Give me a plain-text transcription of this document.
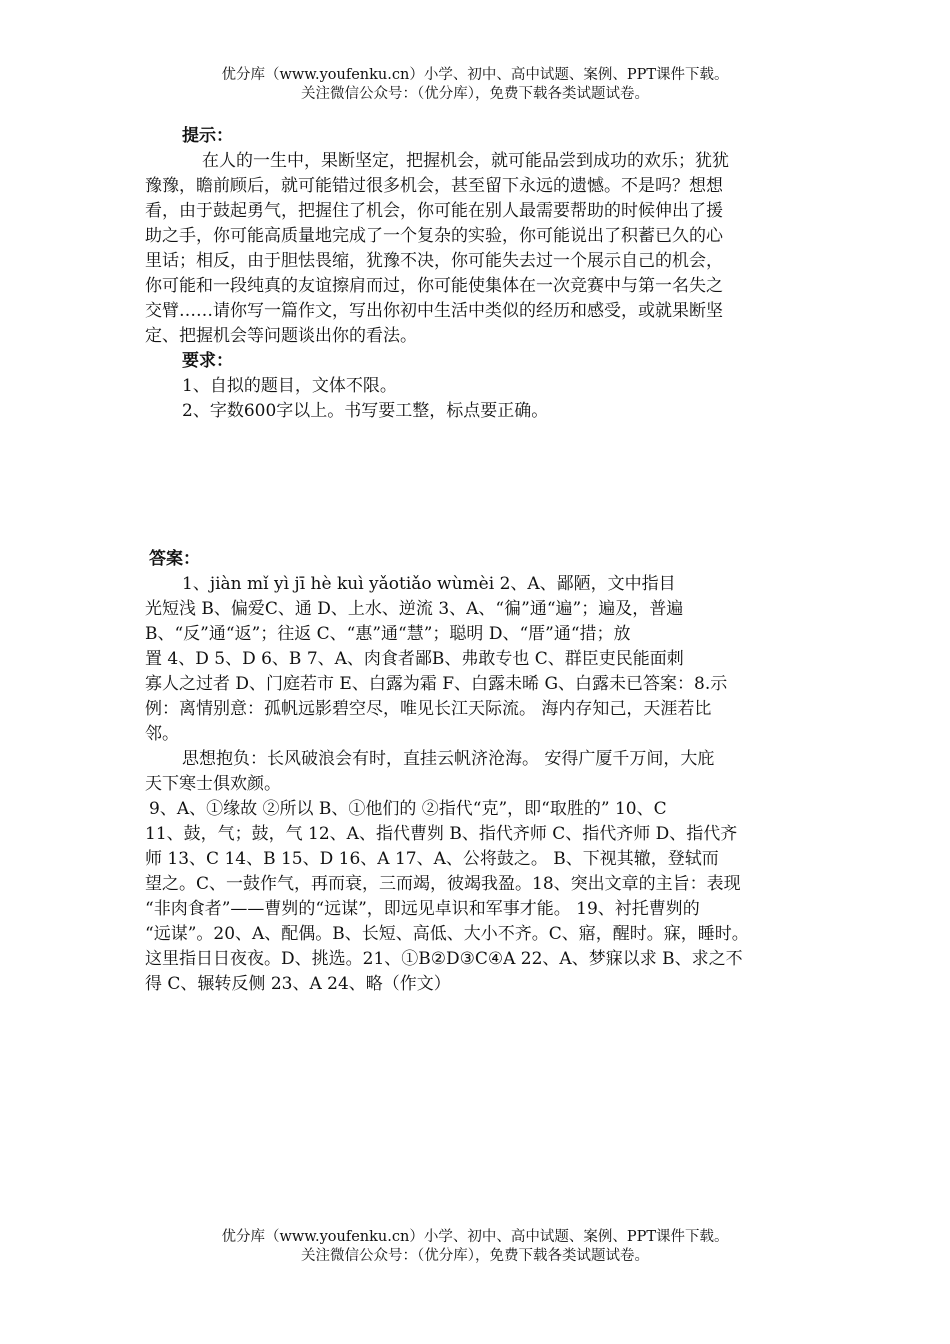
优分库（www.youfenku.cn）小学、初中、高中试题、案例、PPT课件下载。
关注微信公众号：（优分库），免费下载各类试题试卷。
提示：
在人的一生中，果断坚定，把握机会，就可能品尝到成功的欢乐；犹犹
豫豫，瞻前顾后，就可能错过很多机会，甚至留下永远的遗憾。不是吗？想想
看，由于鼓起勇气，把握住了机会，你可能在别人最需要帮助的时候伸出了援
助之手，你可能高质量地完成了一个复杂的实验，你可能说出了积蓄已久的心
里话；相反，由于胆怯畏缩，犹豫不决，你可能失去过一个展示自己的机会，
你可能和一段纯真的友谊擦肩而过，你可能使集体在一次竞赛中与第一名失之
交臂……请你写一篇作文，写出你初中生活中类似的经历和感受，或就果断坚
定、把握机会等问题谈出你的看法。
要求：
1、自拟的题目，文体不限。
2、字数600字以上。书写要工整，标点要正确。
答案：
1、jiàn mǐ yì jī hè kuì yǎotiǎo wùmèi 2、A、鄙陋，文中指目
光短浅 B、偏爱C、通 D、上水、逆流 3、A、“徧”通“遍”；遍及，普遍
B、“反”通“返”；往返 C、“惠”通“慧”；聪明 D、“厝”通“措；放
置 4、D 5、D 6、B 7、A、肉食者鄙B、弗敢专也 C、群臣吏民能面刺
寡人之过者 D、门庭若市 E、白露为霜 F、白露未晞 G、白露未已答案：8.示
例：离情别意：孤帆远影碧空尽，唯见长江天际流。 海内存知己，天涯若比
邻。
思想抱负：长风破浪会有时，直挂云帆济沧海。 安得广厦千万间，大庇
天下寒士俱欢颜。
9、A、①缘故 ②所以 B、①他们的 ②指代“克”，即“取胜的” 10、C
11、鼓，气；鼓，气 12、A、指代曹刿 B、指代齐师 C、指代齐师 D、指代齐
师 13、C 14、B 15、D 16、A 17、A、公将鼓之。 B、下视其辙，登轼而
望之。C、一鼓作气，再而衰，三而竭，彼竭我盈。18、突出文章的主旨：表现
“非肉食者”——曹刿的“远谋”，即远见卓识和军事才能。 19、衬托曹刿的
“远谋”。20、A、配偶。B、长短、高低、大小不齐。C、寤，醒时。寐，睡时。
这里指日日夜夜。D、挑选。21、①B②D③C④A 22、A、梦寐以求 B、求之不
得 C、辗转反侧 23、A 24、略（作文）
优分库（www.youfenku.cn）小学、初中、高中试题、案例、PPT课件下载。
关注微信公众号：（优分库），免费下载各类试题试卷。
